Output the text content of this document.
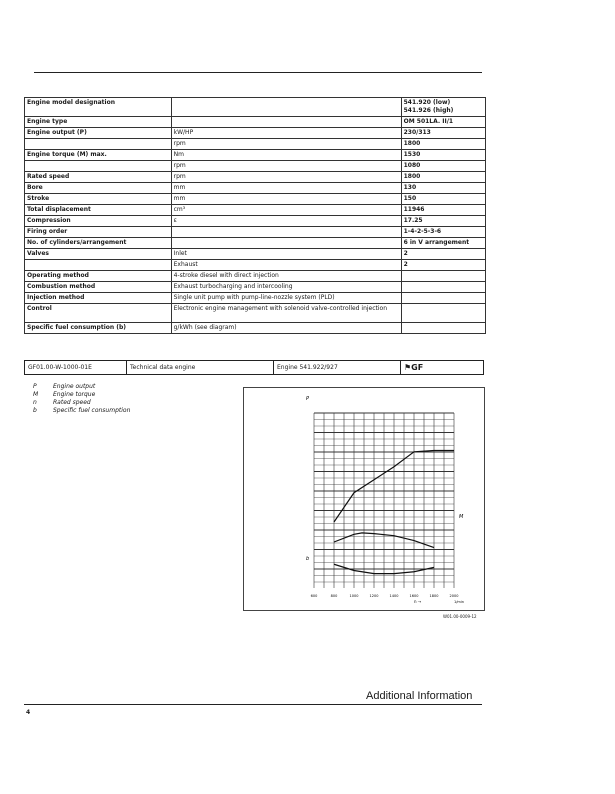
Engine model designation		541.920 (low)
541.926 (high)
Engine type		OM 501LA. II/1
Engine output (P)	kW/HP	230/313
	rpm	1800
Engine torque (M) max.	Nm	1530
	rpm	1080
Rated speed	rpm	1800
Bore	mm	130
Stroke	mm	150
Total displacement	cm³	11946
Compression	ε	17.25
Firing order		1-4-2-5-3-6
No. of cylinders/arrangement		6 in V arrangement
Valves	Inlet	2
	Exhaust	2
Operating method	4-stroke diesel with direct injection	
Combustion method	Exhaust turbocharging and intercooling	
Injection method	Single unit pump with pump-line-nozzle system (PLD)	
Control	Electronic engine management with solenoid valve-controlled injection	
Specific fuel consumption (b)	g/kWh (see diagram)	
GF01.00-W-1000-01E	Technical data engine	Engine 541.922/927	⚑GF
P	Engine output
M	Engine torque
n	Rated speed
b	Specific fuel consumption
600	800	1000	1200	1400	1600	1800	2000
n →	1/min
P
M
b
W01.00-0009-12
Additional Information
4
